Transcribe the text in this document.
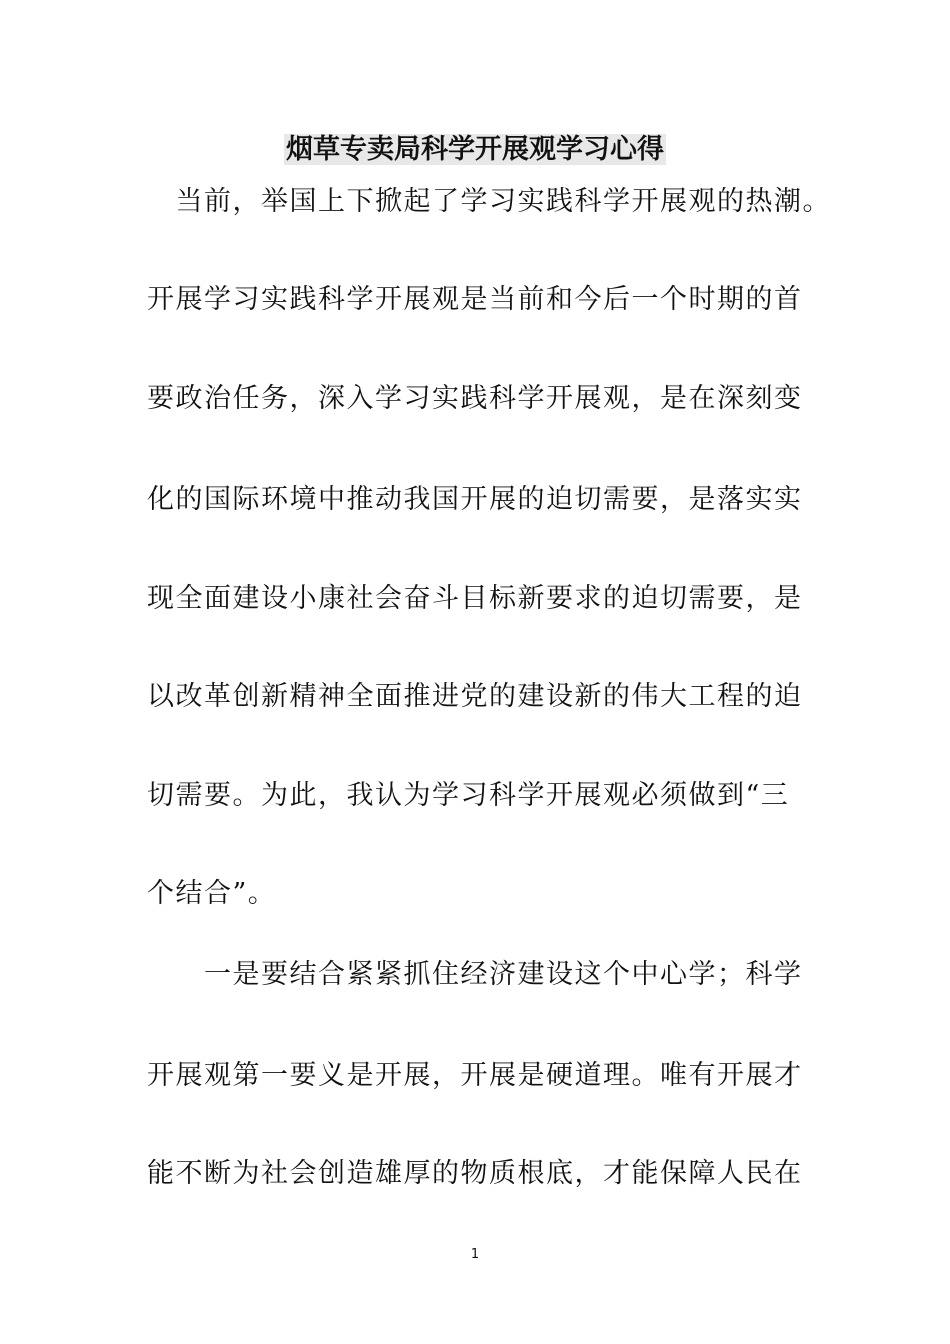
烟草专卖局科学开展观学习心得

　当前，举国上下掀起了学习实践科学开展观的热潮。

开展学习实践科学开展观是当前和今后一个时期的首

要政治任务，深入学习实践科学开展观，是在深刻变

化的国际环境中推动我国开展的迫切需要，是落实实

现全面建设小康社会奋斗目标新要求的迫切需要，是

以改革创新精神全面推进党的建设新的伟大工程的迫

切需要。为此，我认为学习科学开展观必须做到“三

个结合”。

　　一是要结合紧紧抓住经济建设这个中心学；科学

开展观第一要义是开展，开展是硬道理。唯有开展才

能不断为社会创造雄厚的物质根底，才能保障人民在

1
